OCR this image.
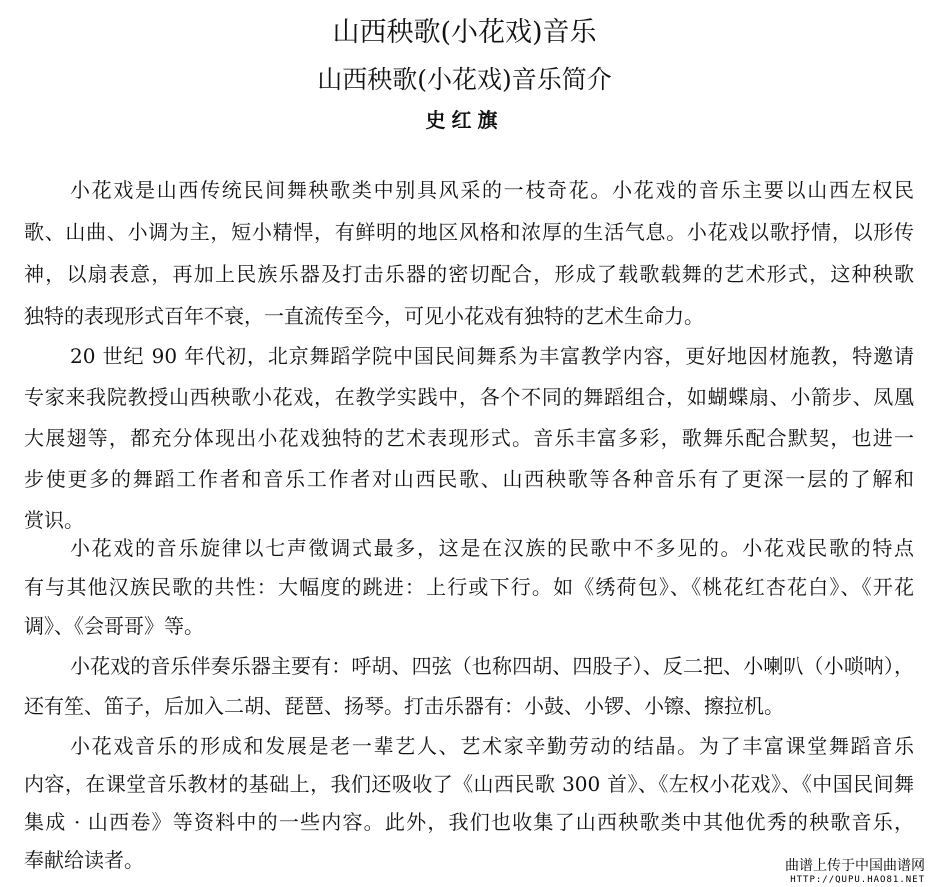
山西秧歌(小花戏)音乐
山西秧歌(小花戏)音乐简介
史红旗
小花戏是山西传统民间舞秧歌类中别具风采的一枝奇花。小花戏的音乐主要以山西左权民
歌、山曲、小调为主，短小精悍，有鲜明的地区风格和浓厚的生活气息。小花戏以歌抒情，以形传
神，以扇表意，再加上民族乐器及打击乐器的密切配合，形成了载歌载舞的艺术形式，这种秧歌
独特的表现形式百年不衰，一直流传至今，可见小花戏有独特的艺术生命力。
20 世纪 90 年代初，北京舞蹈学院中国民间舞系为丰富教学内容，更好地因材施教，特邀请
专家来我院教授山西秧歌小花戏，在教学实践中，各个不同的舞蹈组合，如蝴蝶扇、小箭步、凤凰
大展翅等，都充分体现出小花戏独特的艺术表现形式。音乐丰富多彩，歌舞乐配合默契，也进一
步使更多的舞蹈工作者和音乐工作者对山西民歌、山西秧歌等各种音乐有了更深一层的了解和
赏识。
小花戏的音乐旋律以七声徵调式最多，这是在汉族的民歌中不多见的。小花戏民歌的特点
有与其他汉族民歌的共性：大幅度的跳进：上行或下行。如《绣荷包》、《桃花红杏花白》、《开花
调》、《会哥哥》等。
小花戏的音乐伴奏乐器主要有：呼胡、四弦（也称四胡、四股子）、反二把、小喇叭（小唢呐），
还有笙、笛子，后加入二胡、琵琶、扬琴。打击乐器有：小鼓、小锣、小镲、擦拉机。
小花戏音乐的形成和发展是老一辈艺人、艺术家辛勤劳动的结晶。为了丰富课堂舞蹈音乐
内容，在课堂音乐教材的基础上，我们还吸收了《山西民歌 300 首》、《左权小花戏》、《中国民间舞
集成 · 山西卷》等资料中的一些内容。此外，我们也收集了山西秧歌类中其他优秀的秧歌音乐，
奉献给读者。	曲谱上传于中国曲谱网
HTTP://QUPU.HAO81.NET
